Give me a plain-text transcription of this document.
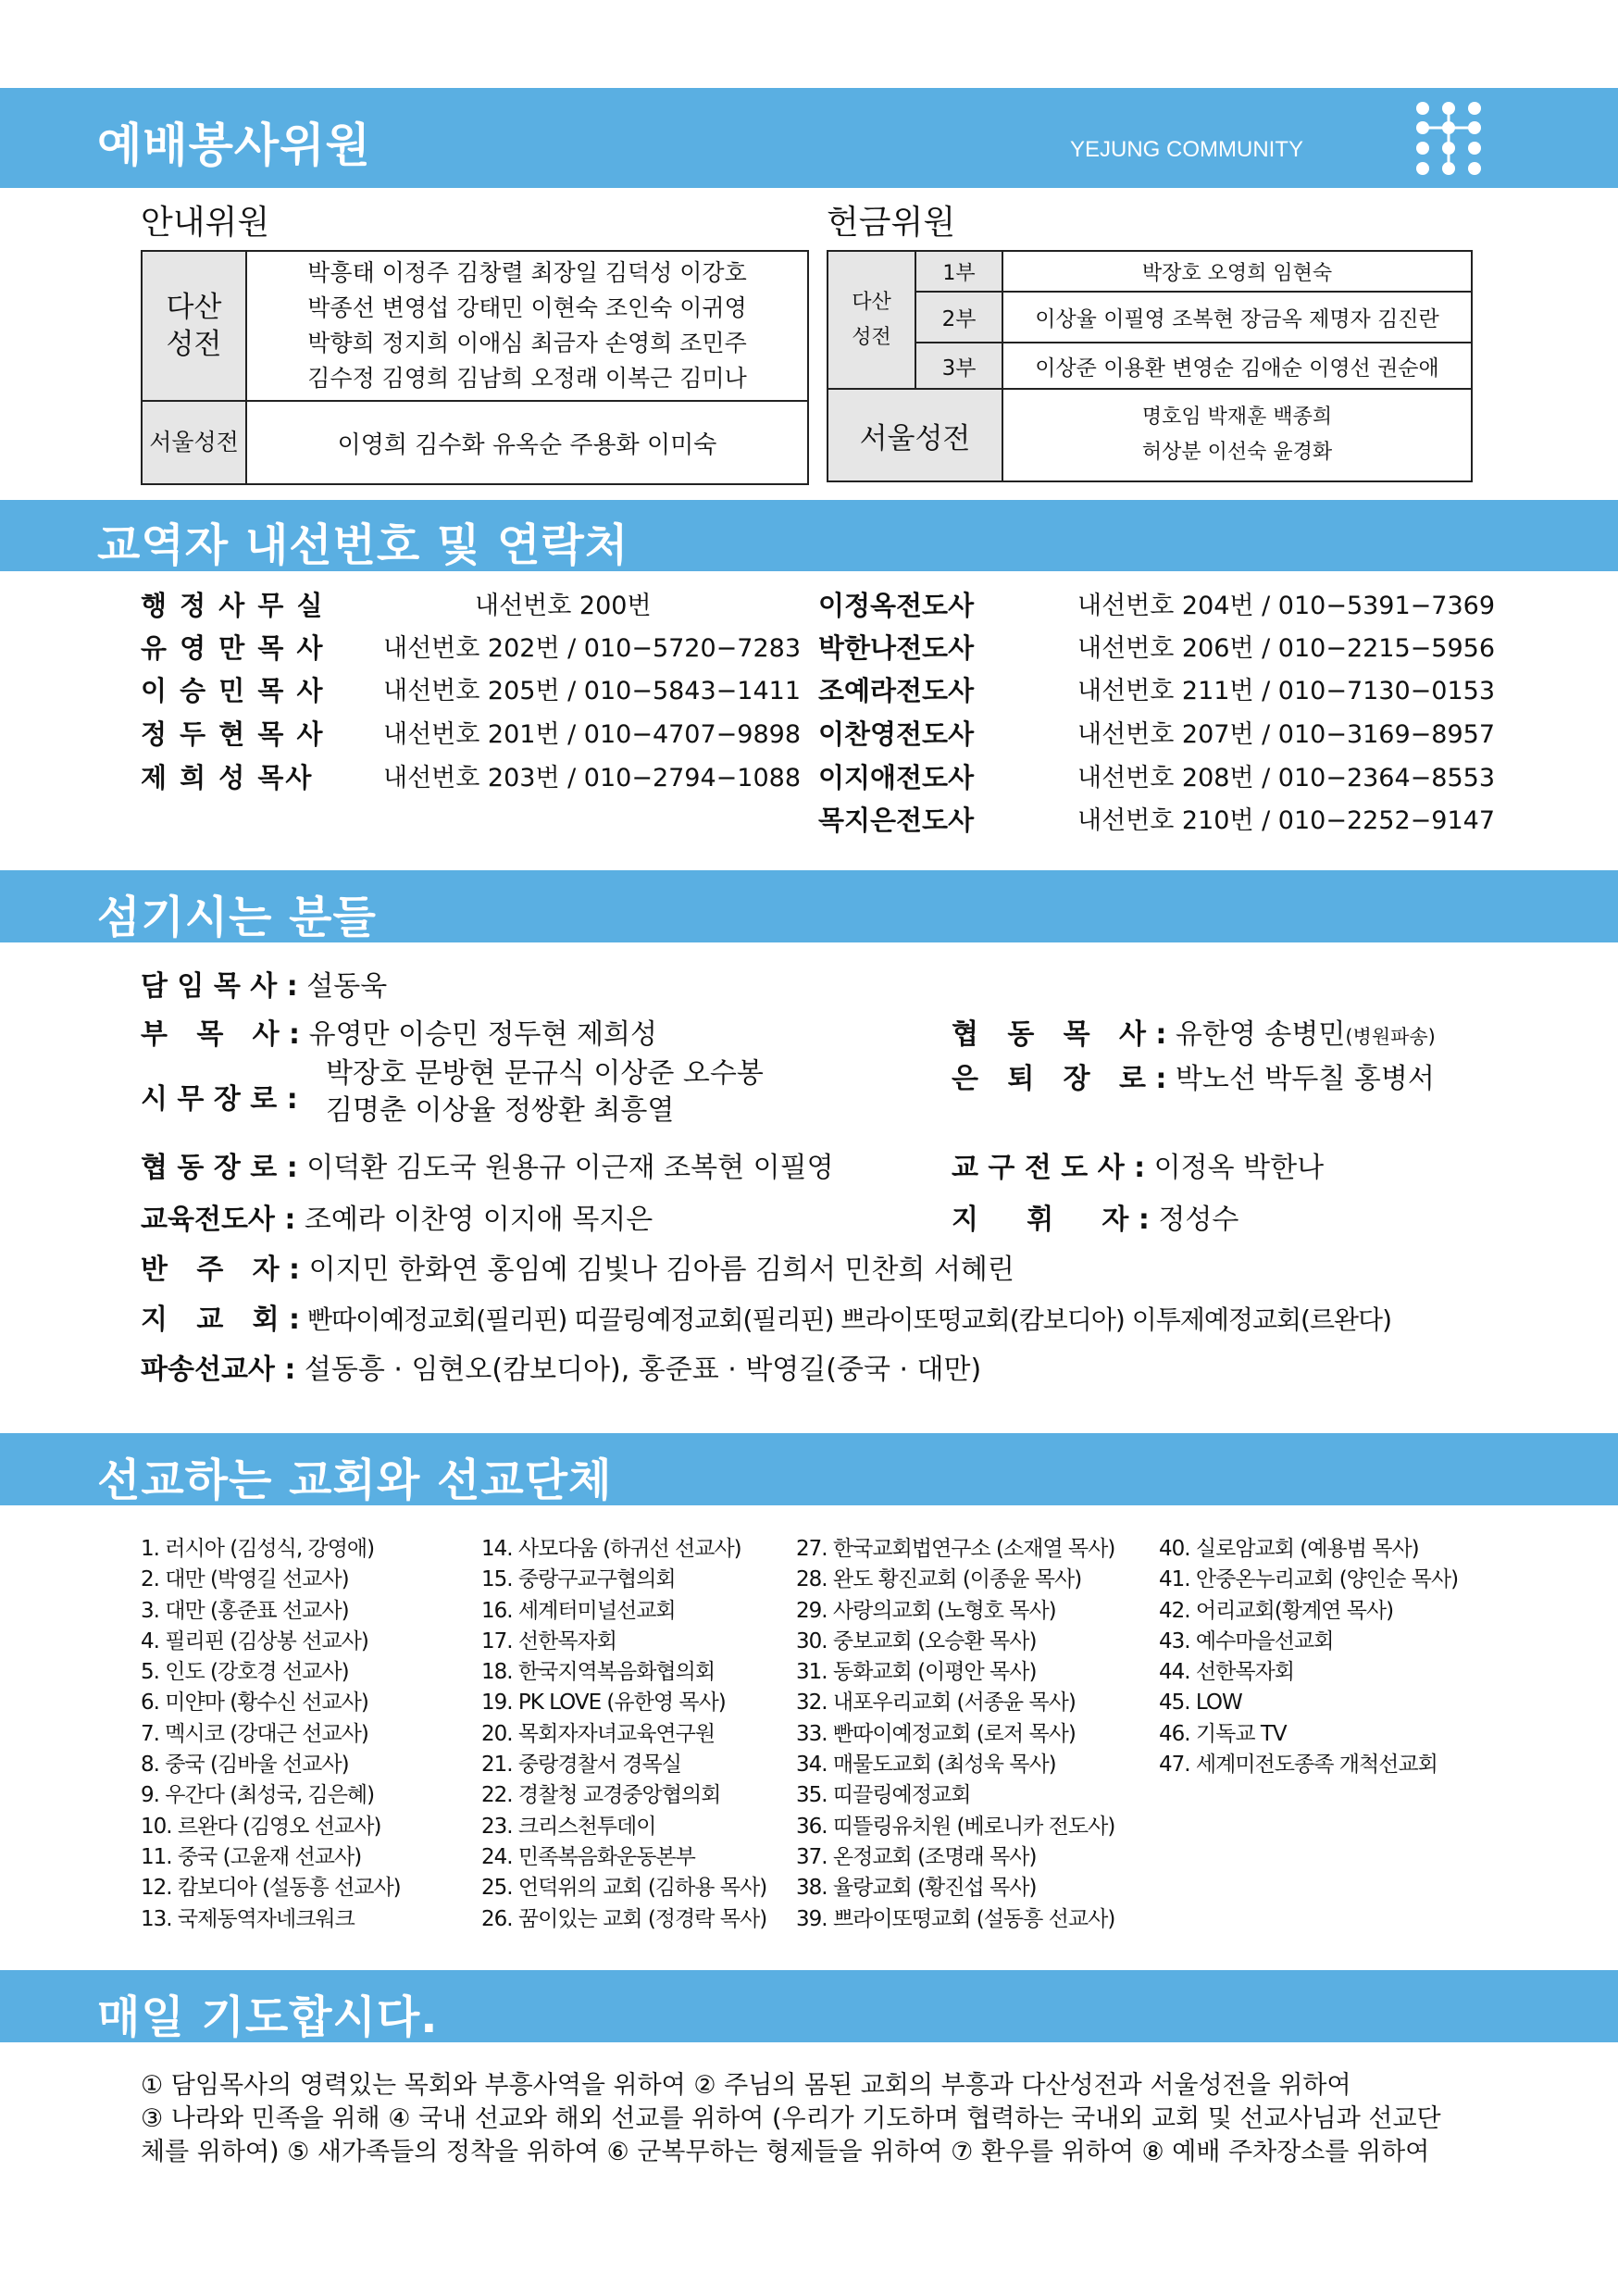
예배봉사위원	YEJUNG COMMUNITY
안내위원	헌금위원
다산
성전

박흥태 이정주 김창렬 최장일 김덕성 이강호
박종선 변영섭 강태민 이현숙 조인숙 이귀영
박향희 정지희 이애심 최금자 손영희 조민주
김수정 김영희 김남희 오정래 이복근 김미나

서울성전	이영희 김수화 유옥순 주용화 이미숙
다산
성전	1부	박장호 오영희 임현숙
	2부	이상율 이필영 조복현 장금옥 제명자 김진란
	3부	이상준 이용환 변영순 김애순 이영선 권순애
서울성전		명호임 박재훈 백종희
허상분 이선숙 윤경화
교역자 내선번호 및 연락처
행 정 사 무 실	내선번호 200번
유 영 만 목 사 내선번호 202번 / 010−5720−7283
이 승 민 목 사 내선번호 205번 / 010−5843−1411
정 두 현 목 사 내선번호 201번 / 010−4707−9898
제 희 성 목사	내선번호 203번 / 010−2794−1088
이정옥전도사	내선번호 204번 / 010−5391−7369
박한나전도사	내선번호 206번 / 010−2215−5956
조예라전도사	내선번호 211번 / 010−7130−0153
이찬영전도사	내선번호 207번 / 010−3169−8957
이지애전도사	내선번호 208번 / 010−2364−8553
목지은전도사	내선번호 210번 / 010−2252−9147
섬기시는 분들
담 임 목 사 : 설동욱
부   목   사 : 유영만 이승민 정두현 제희성
시 무 장 로 :
박장호 문방현 문규식 이상준 오수봉
김명춘 이상율 정쌍환 최흥열
협 동 장 로 : 이덕환 김도국 원용규 이근재 조복현 이필영
교육전도사 : 조예라 이찬영 이지애 목지은
반   주   자 : 이지민 한화연 홍임예 김빛나 김아름 김희서 민찬희 서혜린
지   교   회 : 빤따이예정교회(필리핀) 띠끌링예정교회(필리핀) 쁘라이또떵교회(캄보디아) 이투제예정교회(르완다)
파송선교사 : 설동흥 · 임현오(캄보디아), 홍준표 · 박영길(중국 · 대만)
협   동   목   사 : 유한영 송병민(병원파송)
은   퇴   장   로 : 박노선 박두칠 홍병서
교 구 전 도 사 : 이정옥 박한나
지     휘     자 : 정성수
선교하는 교회와 선교단체
1. 러시아 (김성식, 강영애)
2. 대만 (박영길 선교사)
3. 대만 (홍준표 선교사)
4. 필리핀 (김상봉 선교사)
5. 인도 (강호경 선교사)
6. 미얀마 (황수신 선교사)
7. 멕시코 (강대근 선교사)
8. 중국 (김바울 선교사)
9. 우간다 (최성국, 김은혜)
10. 르완다 (김영오 선교사)
11. 중국 (고윤재 선교사)
12. 캄보디아 (설동흥 선교사)
13. 국제동역자네크워크
14. 사모다움 (하귀선 선교사)
15. 중랑구교구협의회
16. 세계터미널선교회
17. 선한목자회
18. 한국지역복음화협의회
19. PK LOVE (유한영 목사)
20. 목회자자녀교육연구원
21. 중랑경찰서 경목실
22. 경찰청 교경중앙협의회
23. 크리스천투데이
24. 민족복음화운동본부
25. 언덕위의 교회 (김하용 목사)
26. 꿈이있는 교회 (정경락 목사)
27. 한국교회법연구소 (소재열 목사)
28. 완도 황진교회 (이종윤 목사)
29. 사랑의교회 (노형호 목사)
30. 중보교회 (오승환 목사)
31. 동화교회 (이평안 목사)
32. 내포우리교회 (서종윤 목사)
33. 빤따이예정교회 (로저 목사)
34. 매물도교회 (최성욱 목사)
35. 띠끌링예정교회
36. 띠뜰링유치원 (베로니카 전도사)
37. 온정교회 (조명래 목사)
38. 율랑교회 (황진섭 목사)
39. 쁘라이또떵교회 (설동흥 선교사)
40. 실로암교회 (예용범 목사)
41. 안중온누리교회 (양인순 목사)
42. 어리교회(황계연 목사)
43. 예수마을선교회
44. 선한목자회
45. LOW
46. 기독교 TV
47. 세계미전도종족 개척선교회
매일 기도합시다.
① 담임목사의 영력있는 목회와 부흥사역을 위하여 ② 주님의 몸된 교회의 부흥과 다산성전과 서울성전을 위하여
③ 나라와 민족을 위해 ④ 국내 선교와 해외 선교를 위하여 (우리가 기도하며 협력하는 국내외 교회 및 선교사님과 선교단
체를 위하여) ⑤ 새가족들의 정착을 위하여 ⑥ 군복무하는 형제들을 위하여 ⑦ 환우를 위하여 ⑧ 예배 주차장소를 위하여
